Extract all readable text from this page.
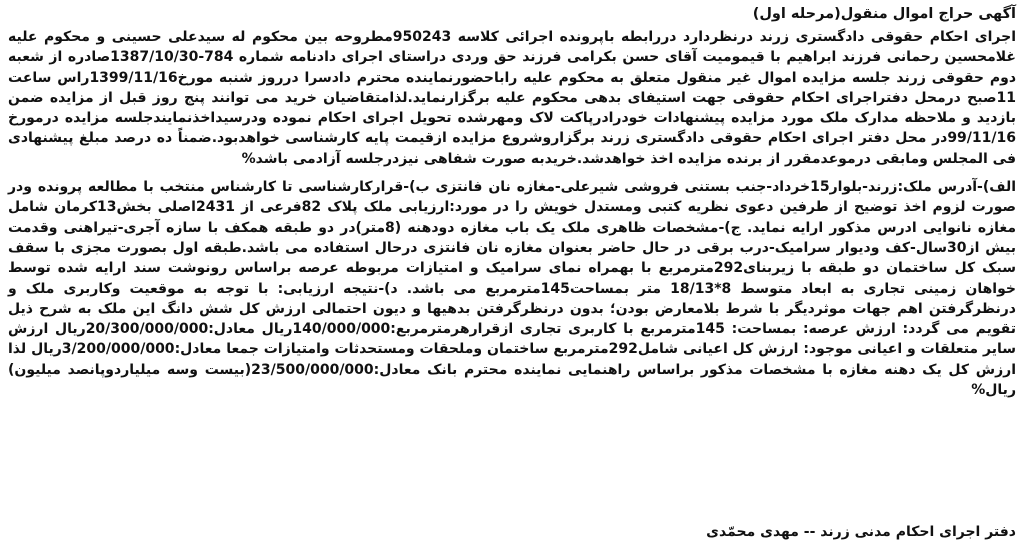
آگهی حراج اموال منقول(مرحله اول)

اجرای احکام حقوقی دادگستری زرند درنظردارد دررابطه باپرونده اجرائی کلاسه 950243مطروحه بین محکوم له سیدعلی حسینی و محکوم علیه غلامحسین رحمانی فرزند ابراهیم با قیمومیت آقای حسن بکرامی فرزند حق وردی دراستای اجرای دادنامه شماره 784-1387/10/30صادره از شعبه دوم حقوقی زرند جلسه مزایده اموال غیر منقول متعلق به محکوم علیه راباحضورنماینده محترم دادسرا درروز شنبه مورخ1399/11/16راس ساعت 11صبح درمحل دفتراجرای احکام حقوقی جهت استیفای بدهی محکوم علیه برگزارنماید.لذامتقاضیان خرید می توانند پنج روز قبل از مزایده ضمن بازدید و ملاحظه مدارک ملک مورد مزایده پیشنهادات خودرادرپاکت لاک ومهرشده تحویل اجرای احکام نموده ودرسیداخذنمایندجلسه مزایده درمورخ 99/11/16در محل دفتر اجرای احکام حقوقی دادگستری زرند برگزاروشروع مزایده ازقیمت پایه کارشناسی خواهدبود.ضمناً ده درصد مبلغ پیشنهادی فی المجلس ومابقی درموعدمقرر از برنده مزایده اخذ خواهدشد.خریدبه صورت شفاهی نیزدرجلسه آزادمی باشد%

الف)-آدرس ملک:زرند-بلوار15خرداد-جنب بستنی فروشی شیرعلی-مغازه نان فانتزی ب)-قرارکارشناسی تا کارشناس منتخب با مطالعه پرونده ودر صورت لزوم اخذ توضیح از طرفین دعوی نظریه کتبی ومستدل خویش را در مورد:ارزیابی ملک پلاک 82فرعی از 2431اصلی بخش13کرمان شامل مغازه نانوایی ادرس مذکور ارایه نماید. ج)-مشخصات ظاهری ملک یک باب مغازه دودهنه (8متر)در دو طبقه همکف با سازه آجری-تیراهنی وقدمت بیش از30سال-کف ودیوار سرامیک-درب برقی در حال حاضر بعنوان مغازه نان فانتزی درحال استفاده می باشد.طبقه اول بصورت مجزی با سقف سبک کل ساختمان دو طبقه با زیربنای292مترمربع با بهمراه نمای سرامیک و امتیازات مربوطه عرصه براساس رونوشت سند ارایه شده توسط خواهان زمینی تجاری به ابعاد متوسط 8*18/13 متر بمساحت145مترمربع می باشد. د)-نتیجه ارزیابی: با توجه به موقعیت وکاربری ملک و درنظرگرفتن اهم جهات موثردیگر با شرط بلامعارض بودن؛ بدون درنظرگرفتن بدهیها و دیون احتمالی ارزش کل شش دانگ این ملک به شرح ذیل تقویم می گردد: ارزش عرصه: بمساحت: 145مترمربع با کاربری تجاری ازقرارهرمترمربع:140/000/000ریال معادل:20/300/000/000ریال ارزش سایر متعلقات و اعیانی موجود: ارزش کل اعیانی شامل292مترمربع ساختمان وملحقات ومستحدثات وامتیازات جمعا معادل:3/200/000/000ریال لذا ارزش کل یک دهنه مغازه با مشخصات مذکور براساس راهنمایی نماینده محترم بانک معادل:23/500/000/000(بیست وسه میلیاردوپانصد میلیون) ریال%

دفتر اجرای احکام مدنی زرند -- مهدی محمّدی
